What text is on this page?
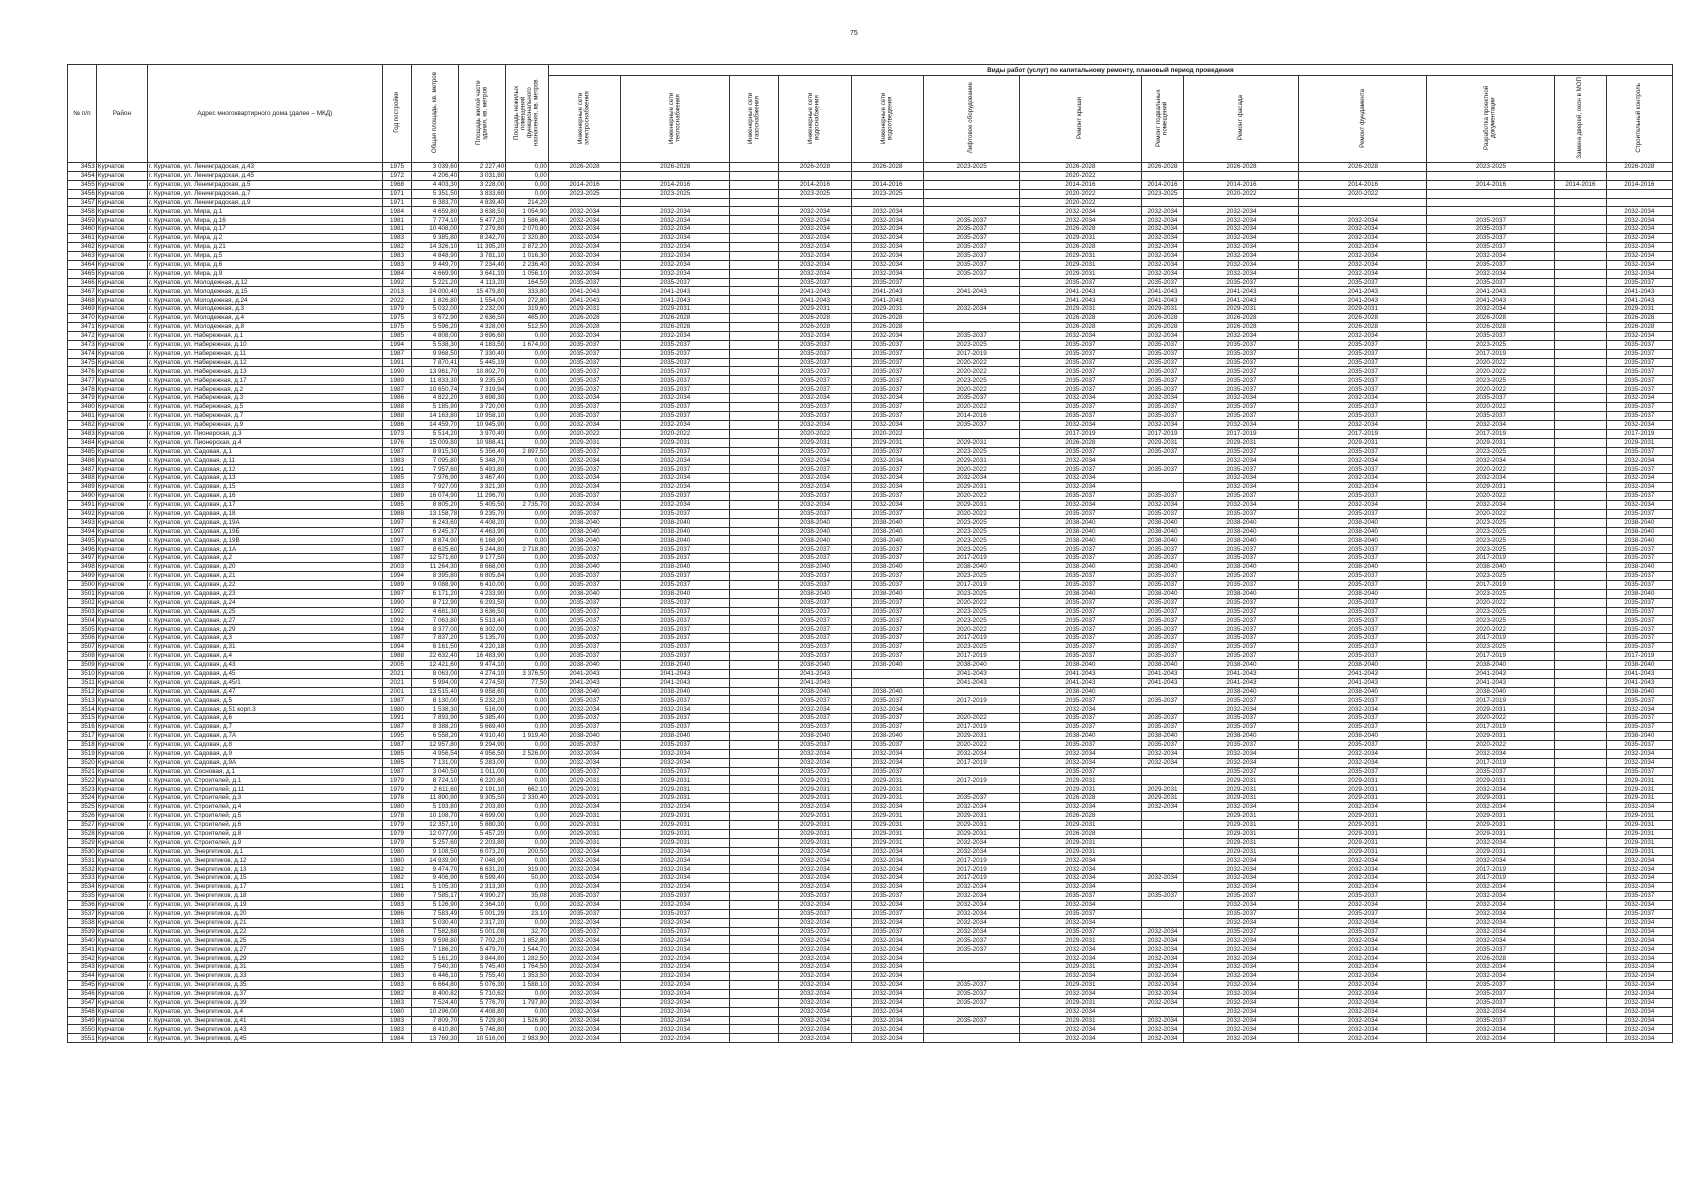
75
№ п/п	Район	Адрес многоквартирного дома (далее – МКД)	Год постройки	Общая площадь, кв. метров	Площадь жилой части здания, кв. метров	Площадь нежилых помещений функционального назначения, кв. метров	Виды работ (услуг) по капитальному ремонту, плановый период проведения												
							Инженерные сети электроснабжения	Инженерные сети теплоснабжения	Инженерные сети газоснабжения	Инженерные сети водоснабжения	Инженерные сети водоотведения	Лифтовое оборудование	Ремонт крыши	Ремонт подвальных помещений	Ремонт фасада	Ремонт фундамента	Разработка проектной документации	Замена дверей, окон в МОП	Строительный контроль
3453	Курчатов	г. Курчатов, ул. Ленинградская, д.43	1975	3 039,60	2 227,40	0,00	2026-2028	2026-2028		2026-2028	2026-2028	2023-2025	2026-2028	2026-2028	2026-2028	2026-2028	2023-2025		2026-2028
3454	Курчатов	г. Курчатов, ул. Ленинградская, д.45	1972	4 206,40	3 031,80	0,00							2020-2022						
3455	Курчатов	г. Курчатов, ул. Ленинградская, д.5	1968	4 403,30	3 228,00	0,00	2014-2016	2014-2016		2014-2016	2014-2016		2014-2016	2014-2016	2014-2016	2014-2016	2014-2016	2014-2016	2014-2016
3456	Курчатов	г. Курчатов, ул. Ленинградская, д.7	1971	5 351,50	3 833,60	0,00	2023-2025	2023-2025		2023-2025	2023-2025		2020-2022	2023-2025	2020-2022	2020-2022			
3457	Курчатов	г. Курчатов, ул. Ленинградская, д.9	1971	6 383,70	4 839,40	214,20							2020-2022						
3458	Курчатов	г. Курчатов, ул. Мира, д.1	1984	4 659,80	3 638,50	1 054,90	2032-2034	2032-2034		2032-2034	2032-2034		2032-2034	2032-2034	2032-2034				2032-2034
3459	Курчатов	г. Курчатов, ул. Мира, д.16	1981	7 774,10	5 477,20	1 586,40	2032-2034	2032-2034		2032-2034	2032-2034	2035-2037	2032-2034	2032-2034	2032-2034	2032-2034	2035-2037		2032-2034
3460	Курчатов	г. Курчатов, ул. Мира, д.17	1981	10 408,00	7 279,80	2 070,80	2032-2034	2032-2034		2032-2034	2032-2034	2035-2037	2026-2028	2032-2034	2032-2034	2032-2034	2035-2037		2032-2034
3461	Курчатов	г. Курчатов, ул. Мира, д.2	1983	9 385,80	8 242,70	2 320,80	2032-2034	2032-2034		2032-2034	2032-2034	2035-2037	2029-2031	2032-2034	2032-2034	2032-2034	2035-2037		2032-2034
3462	Курчатов	г. Курчатов, ул. Мира, д.21	1982	14 326,10	11 395,20	2 872,20	2032-2034	2032-2034		2032-2034	2032-2034	2035-2037	2026-2028	2032-2034	2032-2034	2032-2034	2035-2037		2032-2034
3463	Курчатов	г. Курчатов, ул. Мира, д.5	1983	4 848,90	3 781,10	1 016,30	2032-2034	2032-2034		2032-2034	2032-2034	2035-2037	2029-2031	2032-2034	2032-2034	2032-2034	2032-2034		2032-2034
3464	Курчатов	г. Курчатов, ул. Мира, д.6	1983	9 449,70	7 234,40	2 236,40	2032-2034	2032-2034		2032-2034	2032-2034	2035-2037	2029-2031	2032-2034	2032-2034	2032-2034	2035-2037		2032-2034
3465	Курчатов	г. Курчатов, ул. Мира, д.9	1984	4 669,90	3 641,10	1 056,10	2032-2034	2032-2034		2032-2034	2032-2034	2035-2037	2029-2031	2032-2034	2032-2034	2032-2034	2032-2034		2032-2034
3466	Курчатов	г. Курчатов, ул. Молодежная, д.12	1992	5 221,20	4 113,20	164,50	2035-2037	2035-2037		2035-2037	2035-2037		2035-2037	2035-2037	2035-2037	2035-2037	2035-2037		2035-2037
3467	Курчатов	г. Курчатов, ул. Молодежная, д.15	2013	24 000,40	15 479,80	333,80	2041-2043	2041-2043		2041-2043	2041-2043	2041-2043	2041-2043	2041-2043	2041-2043	2041-2043	2041-2043		2041-2043
3468	Курчатов	г. Курчатов, ул. Молодежная, д.24	2022	1 826,80	1 554,00	272,80	2041-2043	2041-2043		2041-2043	2041-2043		2041-2043	2041-2043	2041-2043	2041-2043	2041-2043		2041-2043
3469	Курчатов	г. Курчатов, ул. Молодежная, д.3	1979	5 032,00	2 232,00	319,60	2029-2031	2029-2031		2029-2031	2029-2031	2032-2034	2029-2031	2029-2031	2029-2031	2029-2031	2032-2034		2029-2031
3470	Курчатов	г. Курчатов, ул. Молодежная, д.4	1975	3 672,90	2 636,50	465,00	2026-2028	2026-2028		2026-2028	2026-2028		2026-2028	2026-2028	2026-2028	2026-2028	2026-2028		2026-2028
3471	Курчатов	г. Курчатов, ул. Молодежная, д.8	1975	5 596,20	4 328,00	512,50	2026-2028	2026-2028		2026-2028	2026-2028		2026-2028	2026-2028	2026-2028	2026-2028	2026-2028		2026-2028
3472	Курчатов	г. Курчатов, ул. Набережная, д.1	1985	4 808,00	3 696,60	0,00	2032-2034	2032-2034		2032-2034	2032-2034	2035-2037	2032-2034	2032-2034	2032-2034	2032-2034	2035-2037		2032-2034
3473	Курчатов	г. Курчатов, ул. Набережная, д.10	1994	5 538,30	4 183,50	1 674,00	2035-2037	2035-2037		2035-2037	2035-2037	2023-2025	2035-2037	2035-2037	2035-2037	2035-2037	2023-2025		2035-2037
3474	Курчатов	г. Курчатов, ул. Набережная, д.11	1987	9 968,50	7 330,40	0,00	2035-2037	2035-2037		2035-2037	2035-2037	2017-2019	2035-2037	2035-2037	2035-2037	2035-2037	2017-2019		2035-2037
3475	Курчатов	г. Курчатов, ул. Набережная, д.12	1991	7 870,41	5 445,19	0,00	2035-2037	2035-2037		2035-2037	2035-2037	2020-2022	2035-2037	2035-2037	2035-2037	2035-2037	2020-2022		2035-2037
3476	Курчатов	г. Курчатов, ул. Набережная, д.13	1990	13 961,70	10 802,70	0,00	2035-2037	2035-2037		2035-2037	2035-2037	2020-2022	2035-2037	2035-2037	2035-2037	2035-2037	2020-2022		2035-2037
3477	Курчатов	г. Курчатов, ул. Набережная, д.17	1989	11 833,30	9 235,50	0,00	2035-2037	2035-2037		2035-2037	2035-2037	2023-2025	2035-2037	2035-2037	2035-2037	2035-2037	2023-2025		2035-2037
3478	Курчатов	г. Курчатов, ул. Набережная, д.2	1987	10 650,74	7 319,94	0,00	2035-2037	2035-2037		2035-2037	2035-2037	2020-2022	2035-2037	2035-2037	2035-2037	2035-2037	2020-2022		2035-2037
3479	Курчатов	г. Курчатов, ул. Набережная, д.3	1986	4 822,20	3 698,30	0,00	2032-2034	2032-2034		2032-2034	2032-2034	2035-2037	2032-2034	2032-2034	2032-2034	2032-2034	2035-2037		2032-2034
3480	Курчатов	г. Курчатов, ул. Набережная, д.5	1988	5 185,90	3 720,00	0,00	2035-2037	2035-2037		2035-2037	2035-2037	2020-2022	2035-2037	2035-2037	2035-2037	2035-2037	2020-2022		2035-2037
3481	Курчатов	г. Курчатов, ул. Набережная, д.7	1988	14 163,80	10 958,10	0,00	2035-2037	2035-2037		2035-2037	2035-2037	2014-2016	2035-2037	2035-2037	2035-2037	2035-2037	2035-2037		2035-2037
3482	Курчатов	г. Курчатов, ул. Набережная, д.9	1986	14 459,70	10 945,90	0,00	2032-2034	2032-2034		2032-2034	2032-2034	2035-2037	2032-2034	2032-2034	2032-2034	2032-2034	2032-2034		2032-2034
3483	Курчатов	г. Курчатов, ул. Пионерская, д.3	1973	5 514,20	3 970,40	0,00	2020-2022	2020-2022		2020-2022	2020-2022		2017-2019	2017-2019	2017-2019	2017-2019	2017-2019		2017-2019
3484	Курчатов	г. Курчатов, ул. Пионерская, д.4	1976	15 009,80	10 988,41	0,00	2029-2031	2029-2031		2029-2031	2029-2031	2029-2031	2026-2028	2029-2031	2029-2031	2029-2031	2029-2031		2029-2031
3485	Курчатов	г. Курчатов, ул. Садовая, д.1	1987	8 915,30	5 356,40	2 897,50	2035-2037	2035-2037		2035-2037	2035-2037	2023-2025	2035-2037	2035-2037	2035-2037	2035-2037	2023-2025		2035-2037
3486	Курчатов	г. Курчатов, ул. Садовая, д.11	1983	7 095,80	5 348,70	0,00	2032-2034	2032-2034		2032-2034	2032-2034	2029-2031	2032-2034		2032-2034	2032-2034	2032-2034		2032-2034
3487	Курчатов	г. Курчатов, ул. Садовая, д.12	1991	7 957,60	5 493,80	0,00	2035-2037	2035-2037		2035-2037	2035-2037	2020-2022	2035-2037	2035-2037	2035-2037	2035-2037	2020-2022		2035-2037
3488	Курчатов	г. Курчатов, ул. Садовая, д.13	1985	7 976,90	3 467,40	0,00	2032-2034	2032-2034		2032-2034	2032-2034	2032-2034	2032-2034		2032-2034	2032-2034	2032-2034		2032-2034
3489	Курчатов	г. Курчатов, ул. Садовая, д.15	1983	7 927,00	3 321,30	0,00	2032-2034	2032-2034		2032-2034	2032-2034	2029-2031	2032-2034		2032-2034	2032-2034	2029-2031		2032-2034
3490	Курчатов	г. Курчатов, ул. Садовая, д.16	1989	16 074,90	11 296,70	0,00	2035-2037	2035-2037		2035-2037	2035-2037	2020-2022	2035-2037	2035-2037	2035-2037	2035-2037	2020-2022		2035-2037
3491	Курчатов	г. Курчатов, ул. Садовая, д.17	1985	8 805,20	5 405,50	2 735,70	2032-2034	2032-2034		2032-2034	2032-2034	2029-2031	2032-2034	2032-2034	2032-2034	2032-2034	2032-2034		2032-2034
3492	Курчатов	г. Курчатов, ул. Садовая, д.18	1988	13 158,78	9 235,70	0,00	2035-2037	2035-2037		2035-2037	2035-2037	2020-2022	2035-2037	2035-2037	2035-2037	2035-2037	2020-2022		2035-2037
3493	Курчатов	г. Курчатов, ул. Садовая, д.19А	1997	6 243,60	4 408,20	0,00	2038-2040	2038-2040		2038-2040	2038-2040	2023-2025	2038-2040	2038-2040	2038-2040	2038-2040	2023-2025		2038-2040
3494	Курчатов	г. Курчатов, ул. Садовая, д.19Б	1997	6 245,37	4 463,90	0,00	2038-2040	2038-2040		2038-2040	2038-2040	2023-2025	2038-2040	2038-2040	2038-2040	2038-2040	2023-2025		2038-2040
3495	Курчатов	г. Курчатов, ул. Садовая, д.19В	1997	8 874,90	6 168,90	0,00	2038-2040	2038-2040		2038-2040	2038-2040	2023-2025	2038-2040	2038-2040	2038-2040	2038-2040	2023-2025		2038-2040
3496	Курчатов	г. Курчатов, ул. Садовая, д.1А	1987	8 625,60	5 244,80	2 718,80	2035-2037	2035-2037		2035-2037	2035-2037	2023-2025	2035-2037	2035-2037	2035-2037	2035-2037	2023-2025		2035-2037
3497	Курчатов	г. Курчатов, ул. Садовая, д.2	1987	12 571,60	9 177,50	0,00	2035-2037	2035-2037		2035-2037	2035-2037	2017-2019	2035-2037	2035-2037	2035-2037	2035-2037	2017-2019		2035-2037
3498	Курчатов	г. Курчатов, ул. Садовая, д.20	2003	11 264,30	8 668,00	0,00	2038-2040	2038-2040		2038-2040	2038-2040	2038-2040	2038-2040	2038-2040	2038-2040	2038-2040	2038-2040		2038-2040
3499	Курчатов	г. Курчатов, ул. Садовая, д.21	1994	8 395,80	6 805,84	0,00	2035-2037	2035-2037		2035-2037	2035-2037	2023-2025	2035-2037	2035-2037	2035-2037	2035-2037	2023-2025		2035-2037
3500	Курчатов	г. Курчатов, ул. Садовая, д.22	1989	9 088,90	6 410,00	0,00	2035-2037	2035-2037		2035-2037	2035-2037	2017-2019	2035-2037	2035-2037	2035-2037	2035-2037	2017-2019		2035-2037
3501	Курчатов	г. Курчатов, ул. Садовая, д.23	1997	6 171,20	4 233,90	0,00	2038-2040	2038-2040		2038-2040	2038-2040	2023-2025	2038-2040	2038-2040	2038-2040	2038-2040	2023-2025		2038-2040
3502	Курчатов	г. Курчатов, ул. Садовая, д.24	1990	8 712,90	6 293,50	0,00	2035-2037	2035-2037		2035-2037	2035-2037	2020-2022	2035-2037	2035-2037	2035-2037	2035-2037	2020-2022		2035-2037
3503	Курчатов	г. Курчатов, ул. Садовая, д.25	1992	4 681,30	3 636,50	0,00	2035-2037	2035-2037		2035-2037	2035-2037	2023-2025	2035-2037	2035-2037	2035-2037	2035-2037	2023-2025		2035-2037
3504	Курчатов	г. Курчатов, ул. Садовая, д.27	1992	7 063,80	5 513,40	0,00	2035-2037	2035-2037		2035-2037	2035-2037	2023-2025	2035-2037	2035-2037	2035-2037	2035-2037	2023-2025		2035-2037
3505	Курчатов	г. Курчатов, ул. Садовая, д.29	1994	8 377,00	6 302,00	0,00	2035-2037	2035-2037		2035-2037	2035-2037	2020-2022	2035-2037	2035-2037	2035-2037	2035-2037	2020-2022		2035-2037
3506	Курчатов	г. Курчатов, ул. Садовая, д.3	1987	7 837,20	5 135,70	0,00	2035-2037	2035-2037		2035-2037	2035-2037	2017-2019	2035-2037	2035-2037	2035-2037	2035-2037	2017-2019		2035-2037
3507	Курчатов	г. Курчатов, ул. Садовая, д.31	1994	6 161,50	4 220,18	0,00	2035-2037	2035-2037		2035-2037	2035-2037	2023-2025	2035-2037	2035-2037	2035-2037	2035-2037	2023-2025		2035-2037
3508	Курчатов	г. Курчатов, ул. Садовая, д.4	1988	22 632,40	16 483,90	0,00	2035-2037	2035-2037		2035-2037	2035-2037	2017-2019	2035-2037	2035-2037	2035-2037	2035-2037	2017-2019		2017-2019
3509	Курчатов	г. Курчатов, ул. Садовая, д.43	2005	12 421,60	9 474,10	0,00	2038-2040	2038-2040		2038-2040	2038-2040	2038-2040	2038-2040	2038-2040	2038-2040	2038-2040	2038-2040		2038-2040
3510	Курчатов	г. Курчатов, ул. Садовая, д.45	2021	8 063,00	4 274,10	3 376,50	2041-2043	2041-2043		2041-2043		2041-2043	2041-2043	2041-2043	2041-2043	2041-2043	2041-2043		2041-2043
3511	Курчатов	г. Курчатов, ул. Садовая, д.45/1	2021	5 994,00	4 274,50	77,50	2041-2043	2041-2043		2041-2043		2041-2043	2041-2043	2041-2043	2041-2043	2041-2043	2041-2043		2041-2043
3512	Курчатов	г. Курчатов, ул. Садовая, д.47	2001	13 515,40	9 858,60	0,00	2038-2040	2038-2040		2038-2040	2038-2040		2038-2040		2038-2040	2038-2040	2038-2040		2038-2040
3513	Курчатов	г. Курчатов, ул. Садовая, д.5	1987	8 130,00	5 232,20	0,00	2035-2037	2035-2037		2035-2037	2035-2037	2017-2019	2035-2037	2035-2037	2035-2037	2035-2037	2017-2019		2035-2037
3514	Курчатов	г. Курчатов, ул. Садовая, д.51 корп.3	1980	1 538,30	516,00	0,00	2032-2034	2032-2034		2032-2034	2032-2034		2032-2034		2032-2034	2032-2034	2029-2031		2032-2034
3515	Курчатов	г. Курчатов, ул. Садовая, д.6	1991	7 893,90	5 385,40	0,00	2035-2037	2035-2037		2035-2037	2035-2037	2020-2022	2035-2037	2035-2037	2035-2037	2035-2037	2020-2022		2035-2037
3516	Курчатов	г. Курчатов, ул. Садовая, д.7	1987	8 388,20	5 669,40	0,00	2035-2037	2035-2037		2035-2037	2035-2037	2017-2019	2035-2037	2035-2037	2035-2037	2035-2037	2017-2019		2035-2037
3517	Курчатов	г. Курчатов, ул. Садовая, д.7А	1995	6 558,20	4 910,40	1 919,40	2038-2040	2038-2040		2038-2040	2038-2040	2029-2031	2038-2040	2038-2040	2038-2040	2038-2040	2029-2031		2038-2040
3518	Курчатов	г. Курчатов, ул. Садовая, д.8	1987	12 957,80	9 294,90	0,00	2035-2037	2035-2037		2035-2037	2035-2037	2020-2022	2035-2037	2035-2037	2035-2037	2035-2037	2020-2022		2035-2037
3519	Курчатов	г. Курчатов, ул. Садовая, д.9	1985	4 956,54	4 956,50	2 526,00	2032-2034	2032-2034		2032-2034	2032-2034	2032-2034	2032-2034	2032-2034	2032-2034	2032-2034	2032-2034		2032-2034
3520	Курчатов	г. Курчатов, ул. Садовая, д.9А	1985	7 131,00	5 283,00	0,00	2032-2034	2032-2034		2032-2034	2032-2034	2017-2019	2032-2034	2032-2034	2032-2034	2032-2034	2017-2019		2032-2034
3521	Курчатов	г. Курчатов, ул. Сосновая, д.1	1987	3 040,50	1 011,00	0,00	2035-2037	2035-2037		2035-2037	2035-2037		2035-2037		2035-2037	2035-2037	2035-2037		2035-2037
3522	Курчатов	г. Курчатов, ул. Строителей, д.1	1979	8 724,10	6 220,80	0,00	2029-2031	2029-2031		2029-2031	2029-2031	2017-2019	2029-2031		2029-2031	2029-2031	2029-2031		2029-2031
3523	Курчатов	г. Курчатов, ул. Строителей, д.11	1979	2 611,60	2 191,10	662,10	2029-2031	2029-2031		2029-2031	2029-2031		2029-2031	2029-2031	2029-2031	2029-2031	2032-2034		2029-2031
3524	Курчатов	г. Курчатов, ул. Строителей, д.3	1978	11 890,90	9 305,50	2 330,40	2029-2031	2029-2031		2029-2031	2029-2031	2035-2037	2026-2028	2029-2031	2029-2031	2029-2031	2029-2031		2029-2031
3525	Курчатов	г. Курчатов, ул. Строителей, д.4	1980	5 193,80	2 203,80	0,00	2032-2034	2032-2034		2032-2034	2032-2034	2032-2034	2032-2034	2032-2034	2032-2034	2032-2034	2032-2034		2032-2034
3526	Курчатов	г. Курчатов, ул. Строителей, д.5	1978	10 108,70	4 699,00	0,00	2029-2031	2029-2031		2029-2031	2029-2031	2029-2031	2026-2028		2029-2031	2029-2031	2029-2031		2029-2031
3527	Курчатов	г. Курчатов, ул. Строителей, д.6	1979	12 357,10	5 880,30	0,00	2029-2031	2029-2031		2029-2031	2029-2031	2029-2031	2029-2031		2029-2031	2029-2031	2029-2031		2029-2031
3528	Курчатов	г. Курчатов, ул. Строителей, д.8	1979	12 077,00	5 457,20	0,00	2029-2031	2029-2031		2029-2031	2029-2031	2029-2031	2026-2028		2029-2031	2029-2031	2029-2031		2029-2031
3529	Курчатов	г. Курчатов, ул. Строителей, д.9	1979	5 257,60	2 203,80	0,00	2029-2031	2029-2031		2029-2031	2029-2031	2032-2034	2029-2031		2029-2031	2029-2031	2032-2034		2029-2031
3530	Курчатов	г. Курчатов, ул. Энергетиков, д.1	1980	9 108,50	6 073,20	200,50	2032-2034	2032-2034		2032-2034	2032-2034	2032-2034	2029-2031		2029-2031	2029-2031	2029-2031		2029-2031
3531	Курчатов	г. Курчатов, ул. Энергетиков, д.12	1980	14 939,90	7 048,90	0,00	2032-2034	2032-2034		2032-2034	2032-2034	2017-2019	2032-2034		2032-2034	2032-2034	2032-2034		2032-2034
3532	Курчатов	г. Курчатов, ул. Энергетиков, д.13	1982	9 474,70	6 631,20	319,00	2032-2034	2032-2034		2032-2034	2032-2034	2017-2019	2032-2034		2032-2034	2032-2034	2017-2019		2032-2034
3533	Курчатов	г. Курчатов, ул. Энергетиков, д.15	1982	9 406,90	6 599,40	50,00	2032-2034	2032-2034		2032-2034	2032-2034	2017-2019	2032-2034	2032-2034	2032-2034	2032-2034	2017-2019		2032-2034
3534	Курчатов	г. Курчатов, ул. Энергетиков, д.17	1981	5 105,30	2 313,30	0,00	2032-2034	2032-2034		2032-2034	2032-2034	2032-2034	2032-2034		2032-2034	2032-2034	2032-2034		2032-2034
3535	Курчатов	г. Курчатов, ул. Энергетиков, д.18	1986	7 585,17	4 990,27	35,08	2035-2037	2035-2037		2035-2037	2035-2037	2032-2034	2035-2037	2035-2037	2035-2037	2035-2037	2032-2034		2035-2037
3536	Курчатов	г. Курчатов, ул. Энергетиков, д.19	1983	5 126,90	2 364,10	0,00	2032-2034	2032-2034		2032-2034	2032-2034	2032-2034	2032-2034		2032-2034	2032-2034	2032-2034		2032-2034
3537	Курчатов	г. Курчатов, ул. Энергетиков, д.20	1986	7 583,49	5 001,29	23,10	2035-2037	2035-2037		2035-2037	2035-2037	2032-2034	2035-2037		2035-2037	2035-2037	2032-2034		2035-2037
3538	Курчатов	г. Курчатов, ул. Энергетиков, д.21	1983	5 030,40	2 317,20	0,00	2032-2034	2032-2034		2032-2034	2032-2034	2032-2034	2032-2034		2032-2034	2032-2034	2032-2034		2032-2034
3539	Курчатов	г. Курчатов, ул. Энергетиков, д.22	1986	7 582,88	5 001,08	32,70	2035-2037	2035-2037		2035-2037	2035-2037	2032-2034	2035-2037	2032-2034	2035-2037	2035-2037	2032-2034		2032-2034
3540	Курчатов	г. Курчатов, ул. Энергетиков, д.25	1983	9 598,80	7 702,20	1 852,80	2032-2034	2032-2034		2032-2034	2032-2034	2035-2037	2029-2031	2032-2034	2032-2034	2032-2034	2032-2034		2032-2034
3541	Курчатов	г. Курчатов, ул. Энергетиков, д.27	1985	7 186,20	5 479,70	1 544,70	2032-2034	2032-2034		2032-2034	2032-2034	2035-2037	2032-2034	2032-2034	2032-2034	2032-2034	2035-2037		2032-2034
3542	Курчатов	г. Курчатов, ул. Энергетиков, д.29	1982	5 161,20	3 844,80	1 282,50	2032-2034	2032-2034		2032-2034	2032-2034		2032-2034	2032-2034	2032-2034	2032-2034	2026-2028		2032-2034
3543	Курчатов	г. Курчатов, ул. Энергетиков, д.31	1985	7 540,30	5 745,40	1 764,50	2032-2034	2032-2034		2032-2034	2032-2034		2029-2031	2032-2034	2032-2034	2032-2034	2032-2034		2032-2034
3544	Курчатов	г. Курчатов, ул. Энергетиков, д.33	1983	6 446,10	5 755,40	1 353,50	2032-2034	2032-2034		2032-2034	2032-2034		2032-2034	2032-2034	2032-2034	2032-2034	2032-2034		2032-2034
3545	Курчатов	г. Курчатов, ул. Энергетиков, д.35	1983	6 664,80	5 076,30	1 588,10	2032-2034	2032-2034		2032-2034	2032-2034	2035-2037	2029-2031	2032-2034	2032-2034	2032-2034	2035-2037		2032-2034
3546	Курчатов	г. Курчатов, ул. Энергетиков, д.37	1982	8 400,82	5 710,62	0,00	2032-2034	2032-2034		2032-2034	2032-2034	2035-2037	2032-2034	2032-2034	2032-2034	2032-2034	2035-2037		2032-2034
3547	Курчатов	г. Курчатов, ул. Энергетиков, д.39	1983	7 524,40	5 776,70	1 797,80	2032-2034	2032-2034		2032-2034	2032-2034	2035-2037	2029-2031	2032-2034	2032-2034	2032-2034	2035-2037		2032-2034
3548	Курчатов	г. Курчатов, ул. Энергетиков, д.4	1980	10 296,00	4 408,80	0,00	2032-2034	2032-2034		2032-2034	2032-2034		2032-2034		2032-2034	2032-2034	2032-2034		2032-2034
3549	Курчатов	г. Курчатов, ул. Энергетиков, д.41	1983	7 809,70	5 729,80	1 526,90	2032-2034	2032-2034		2032-2034	2032-2034	2035-2037	2029-2031	2032-2034	2032-2034	2032-2034	2035-2037		2032-2034
3550	Курчатов	г. Курчатов, ул. Энергетиков, д.43	1983	8 410,80	5 746,80	0,00	2032-2034	2032-2034		2032-2034	2032-2034		2032-2034	2032-2034	2032-2034	2032-2034	2032-2034		2032-2034
3551	Курчатов	г. Курчатов, ул. Энергетиков, д.45	1984	13 769,30	10 516,00	2 983,90	2032-2034	2032-2034		2032-2034	2032-2034		2032-2034	2032-2034	2032-2034	2032-2034	2032-2034		2032-2034
